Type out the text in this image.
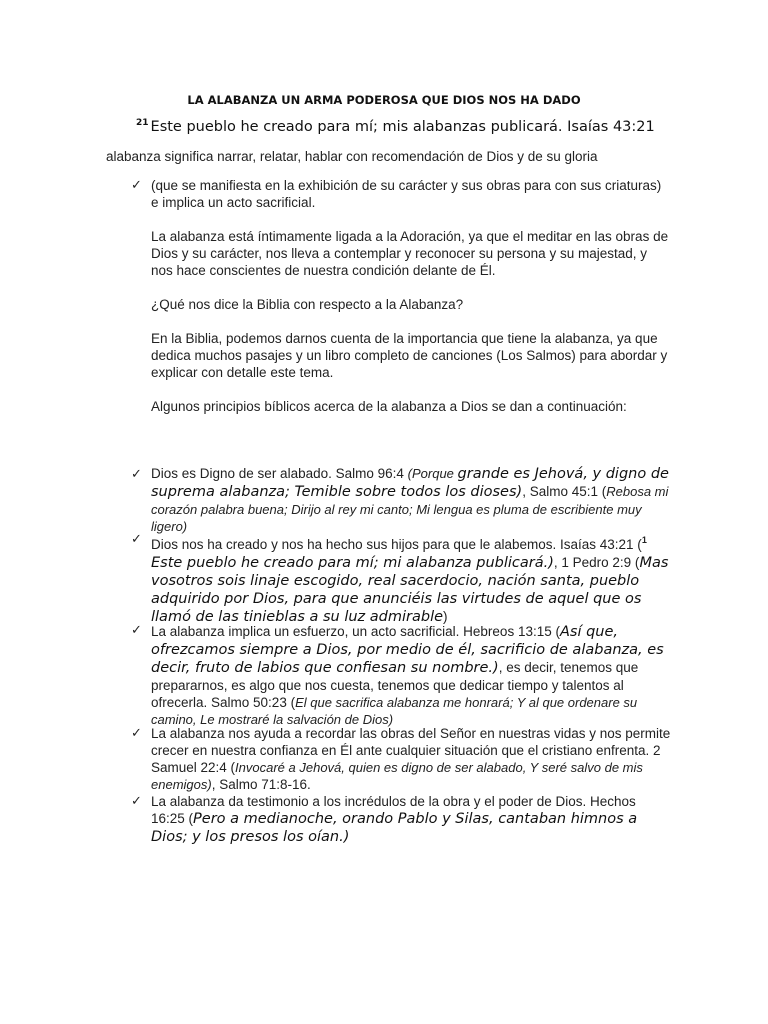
LA ALABANZA UN ARMA PODEROSA QUE DIOS NOS HA DADO
$^{21}$ Este pueblo he creado para mí; mis alabanzas publicará. Isaías 43:21
alabanza significa narrar, relatar, hablar con recomendación de Dios y de su gloria
✓ (que se manifiesta en la exhibición de su carácter y sus obras para con sus criaturas) e implica un acto sacrificial.

La alabanza está íntimamente ligada a la Adoración, ya que el meditar en las obras de Dios y su carácter, nos lleva a contemplar y reconocer su persona y su majestad, y nos hace conscientes de nuestra condición delante de Él.

¿Qué nos dice la Biblia con respecto a la Alabanza?

En la Biblia, podemos darnos cuenta de la importancia que tiene la alabanza, ya que dedica muchos pasajes y un libro completo de canciones (Los Salmos) para abordar y explicar con detalle este tema.

Algunos principios bíblicos acerca de la alabanza a Dios se dan a continuación:

✓ Dios es Digno de ser alabado. Salmo 96:4 (Porque grande es Jehová, y digno de suprema alabanza; Temible sobre todos los dioses), Salmo 45:1 (Rebosa mi corazón palabra buena; Dirijo al rey mi canto; Mi lengua es pluma de escribiente muy ligero)

✓ Dios nos ha creado y nos ha hecho sus hijos para que le alabemos. Isaías 43:21 ($^1$ Este pueblo he creado para mí; mi alabanza publicará.), 1 Pedro 2:9 (Mas vosotros sois linaje escogido, real sacerdocio, nación santa, pueblo adquirido por Dios, para que anunciéis las virtudes de aquel que os llamó de las tinieblas a su luz admirable)

✓ La alabanza implica un esfuerzo, un acto sacrificial. Hebreos 13:15 (Así que, ofrezcamos siempre a Dios, por medio de él, sacrificio de alabanza, es decir, fruto de labios que confiesan su nombre.), es decir, tenemos que prepararnos, es algo que nos cuesta, tenemos que dedicar tiempo y talentos al ofrecerla. Salmo 50:23 (El que sacrifica alabanza me honrará; Y al que ordenare su camino, Le mostraré la salvación de Dios)

✓ La alabanza nos ayuda a recordar las obras del Señor en nuestras vidas y nos permite crecer en nuestra confianza en Él ante cualquier situación que el cristiano enfrenta. 2 Samuel 22:4 (Invocaré a Jehová, quien es digno de ser alabado, Y seré salvo de mis enemigos), Salmo 71:8-16.

✓ La alabanza da testimonio a los incrédulos de la obra y el poder de Dios. Hechos 16:25 (Pero a medianoche, orando Pablo y Silas, cantaban himnos a Dios; y los presos los oían.)
